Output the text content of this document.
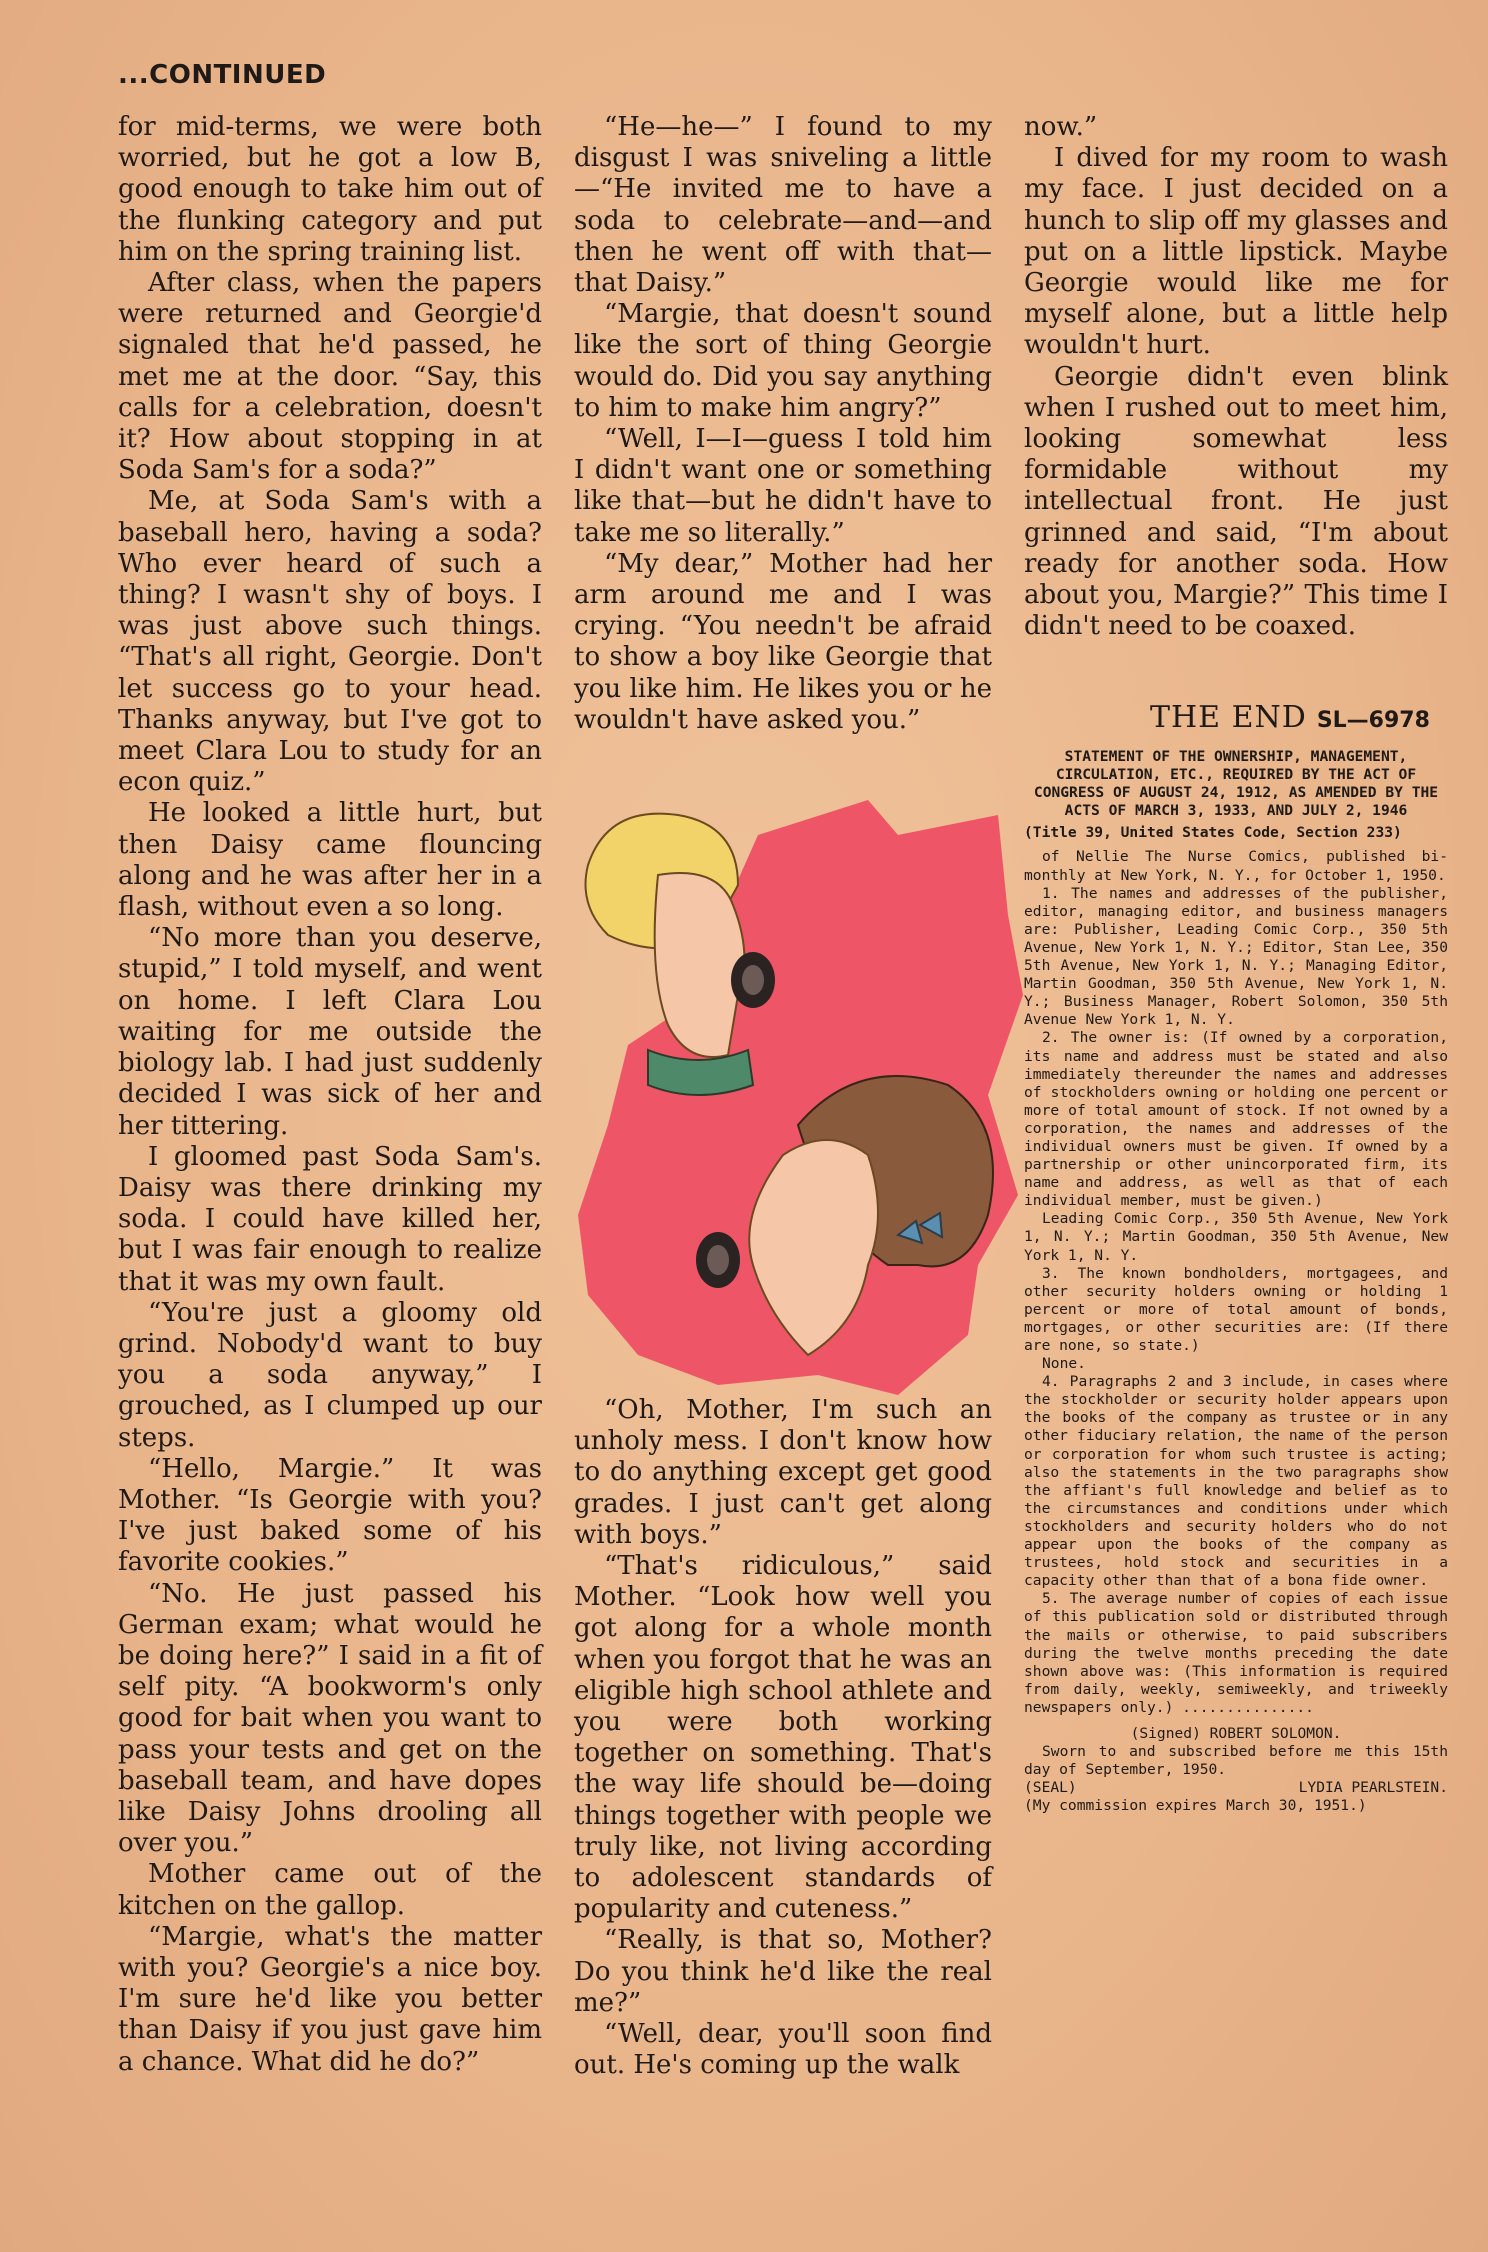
...CONTINUED

for mid-terms, we were both worried, but he got a low B, good enough to take him out of the flunking category and put him on the spring training list.

After class, when the papers were returned and Georgie'd signaled that he'd passed, he met me at the door. “Say, this calls for a celebration, doesn't it? How about stopping in at Soda Sam's for a soda?”

Me, at Soda Sam's with a baseball hero, having a soda? Who ever heard of such a thing? I wasn't shy of boys. I was just above such things. “That's all right, Georgie. Don't let success go to your head. Thanks anyway, but I've got to meet Clara Lou to study for an econ quiz.”

He looked a little hurt, but then Daisy came flouncing along and he was after her in a flash, without even a so long.

“No more than you deserve, stupid,” I told myself, and went on home. I left Clara Lou waiting for me outside the biology lab. I had just suddenly decided I was sick of her and her tittering.

I gloomed past Soda Sam's. Daisy was there drinking my soda. I could have killed her, but I was fair enough to realize that it was my own fault.

“You're just a gloomy old grind. Nobody'd want to buy you a soda anyway,” I grouched, as I clumped up our steps.

“Hello, Margie.” It was Mother. “Is Georgie with you? I've just baked some of his favorite cookies.”

“No. He just passed his German exam; what would he be doing here?” I said in a fit of self pity. “A bookworm's only good for bait when you want to pass your tests and get on the baseball team, and have dopes like Daisy Johns drooling all over you.”

Mother came out of the kitchen on the gallop.

“Margie, what's the matter with you? Georgie's a nice boy. I'm sure he'd like you better than Daisy if you just gave him a chance. What did he do?”

“He—he—” I found to my disgust I was sniveling a little —“He invited me to have a soda to celebrate—and—and then he went off with that—that Daisy.”

“Margie, that doesn't sound like the sort of thing Georgie would do. Did you say anything to him to make him angry?”

“Well, I—I—guess I told him I didn't want one or something like that—but he didn't have to take me so literally.”

“My dear,” Mother had her arm around me and I was crying. “You needn't be afraid to show a boy like Georgie that you like him. He likes you or he wouldn't have asked you.”

“Oh, Mother, I'm such an unholy mess. I don't know how to do anything except get good grades. I just can't get along with boys.”

“That's ridiculous,” said Mother. “Look how well you got along for a whole month when you forgot that he was an eligible high school athlete and you were both working together on something. That's the way life should be—doing things together with people we truly like, not living according to adolescent standards of popularity and cuteness.”

“Really, is that so, Mother? Do you think he'd like the real me?”

“Well, dear, you'll soon find out. He's coming up the walk

now.”

I dived for my room to wash my face. I just decided on a hunch to slip off my glasses and put on a little lipstick. Maybe Georgie would like me for myself alone, but a little help wouldn't hurt.

Georgie didn't even blink when I rushed out to meet him, looking somewhat less formidable without my intellectual front. He just grinned and said, “I'm about ready for another soda. How about you, Margie?” This time I didn't need to be coaxed.

THE END SL—6978

STATEMENT OF THE OWNERSHIP, MANAGEMENT, CIRCULATION, ETC., REQUIRED BY THE ACT OF CONGRESS OF AUGUST 24, 1912, AS AMENDED BY THE ACTS OF MARCH 3, 1933, AND JULY 2, 1946

(Title 39, United States Code, Section 233)

of Nellie The Nurse Comics, published bi-monthly at New York, N. Y., for October 1, 1950.

1. The names and addresses of the publisher, editor, managing editor, and business managers are: Publisher, Leading Comic Corp., 350 5th Avenue, New York 1, N. Y.; Editor, Stan Lee, 350 5th Avenue, New York 1, N. Y.; Managing Editor, Martin Goodman, 350 5th Avenue, New York 1, N. Y.; Business Manager, Robert Solomon, 350 5th Avenue New York 1, N. Y.

2. The owner is: (If owned by a corporation, its name and address must be stated and also immediately thereunder the names and addresses of stockholders owning or holding one percent or more of total amount of stock. If not owned by a corporation, the names and addresses of the individual owners must be given. If owned by a partnership or other unincorporated firm, its name and address, as well as that of each individual member, must be given.)

Leading Comic Corp., 350 5th Avenue, New York 1, N. Y.; Martin Goodman, 350 5th Avenue, New York 1, N. Y.

3. The known bondholders, mortgagees, and other security holders owning or holding 1 percent or more of total amount of bonds, mortgages, or other securities are: (If there are none, so state.)

None.

4. Paragraphs 2 and 3 include, in cases where the stockholder or security holder appears upon the books of the company as trustee or in any other fiduciary relation, the name of the person or corporation for whom such trustee is acting; also the statements in the two paragraphs show the affiant's full knowledge and belief as to the circumstances and conditions under which stockholders and security holders who do not appear upon the books of the company as trustees, hold stock and securities in a capacity other than that of a bona fide owner.

5. The average number of copies of each issue of this publication sold or distributed through the mails or otherwise, to paid subscribers during the twelve months preceding the date shown above was: (This information is required from daily, weekly, semiweekly, and triweekly newspapers only.) ...............

(Signed) ROBERT SOLOMON.

Sworn to and subscribed before me this 15th day of September, 1950.

(SEAL)	LYDIA PEARLSTEIN.

(My commission expires March 30, 1951.)
